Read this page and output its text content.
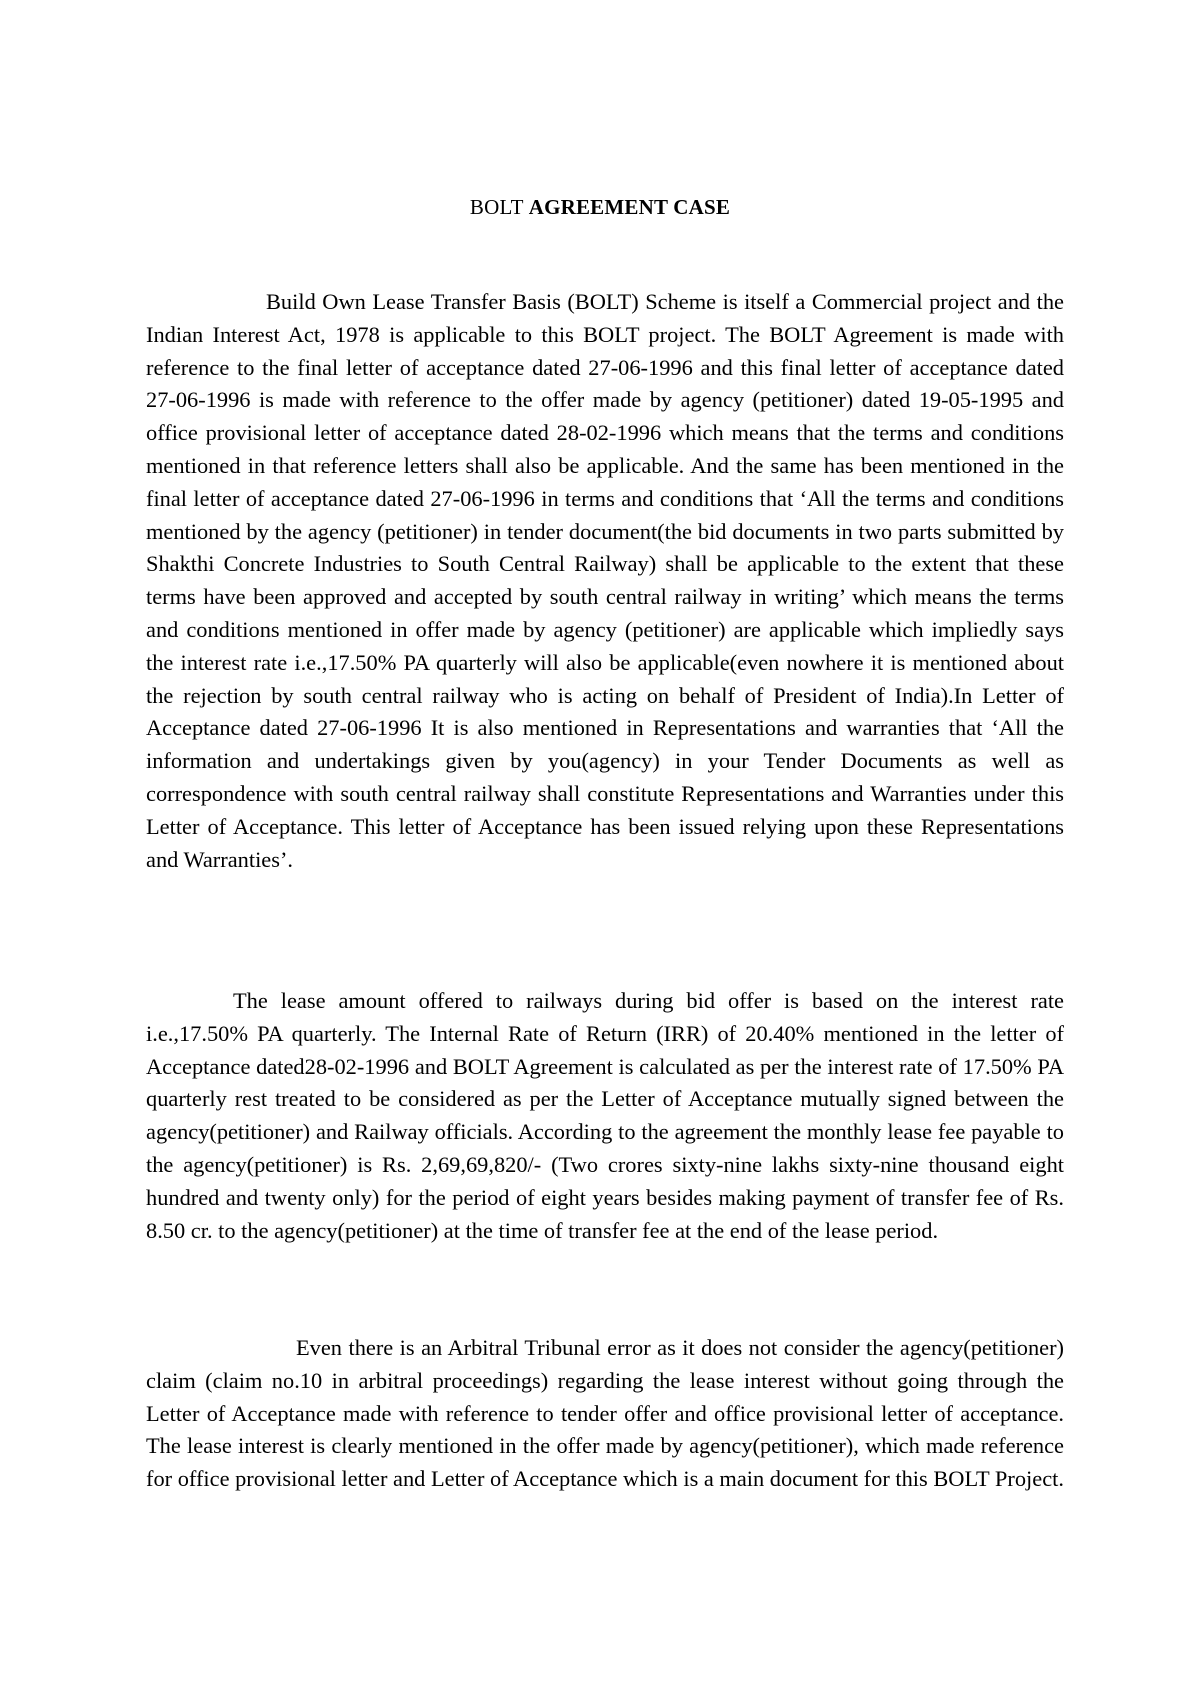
BOLT AGREEMENT CASE

Build Own Lease Transfer Basis (BOLT) Scheme is itself a Commercial project and the Indian Interest Act, 1978 is applicable to this BOLT project. The BOLT Agreement is made with reference to the final letter of acceptance dated 27-06-1996 and this final letter of acceptance dated 27-06-1996 is made with reference to the offer made by agency (petitioner) dated 19-05-1995 and office provisional letter of acceptance dated 28-02-1996 which means that the terms and conditions mentioned in that reference letters shall also be applicable. And the same has been mentioned in the final letter of acceptance dated 27-06-1996 in terms and conditions that ‘All the terms and conditions mentioned by the agency (petitioner) in tender document(the bid documents in two parts submitted by Shakthi Concrete Industries to South Central Railway) shall be applicable to the extent that these terms have been approved and accepted by south central railway in writing’ which means the terms and conditions mentioned in offer made by agency (petitioner) are applicable which impliedly says the interest rate i.e.,17.50% PA quarterly will also be applicable(even nowhere it is mentioned about the rejection by south central railway who is acting on behalf of President of India).In Letter of Acceptance dated 27-06-1996 It is also mentioned in Representations and warranties that ‘All the information and undertakings given by you(agency) in your Tender Documents as well as correspondence with south central railway shall constitute Representations and Warranties under this Letter of Acceptance. This letter of Acceptance has been issued relying upon these Representations and Warranties’.

The lease amount offered to railways during bid offer is based on the interest rate i.e.,17.50% PA quarterly. The Internal Rate of Return (IRR) of 20.40% mentioned in the letter of Acceptance dated28-02-1996 and BOLT Agreement is calculated as per the interest rate of 17.50% PA quarterly rest treated to be considered as per the Letter of Acceptance mutually signed between the agency(petitioner) and Railway officials. According to the agreement the monthly lease fee payable to the agency(petitioner) is Rs. 2,69,69,820/- (Two crores sixty-nine lakhs sixty-nine thousand eight hundred and twenty only) for the period of eight years besides making payment of transfer fee of Rs. 8.50 cr. to the agency(petitioner) at the time of transfer fee at the end of the lease period.

Even there is an Arbitral Tribunal error as it does not consider the agency(petitioner) claim (claim no.10 in arbitral proceedings) regarding the lease interest without going through the Letter of Acceptance made with reference to tender offer and office provisional letter of acceptance. The lease interest is clearly mentioned in the offer made by agency(petitioner), which made reference for office provisional letter and Letter of Acceptance which is a main document for this BOLT Project.
